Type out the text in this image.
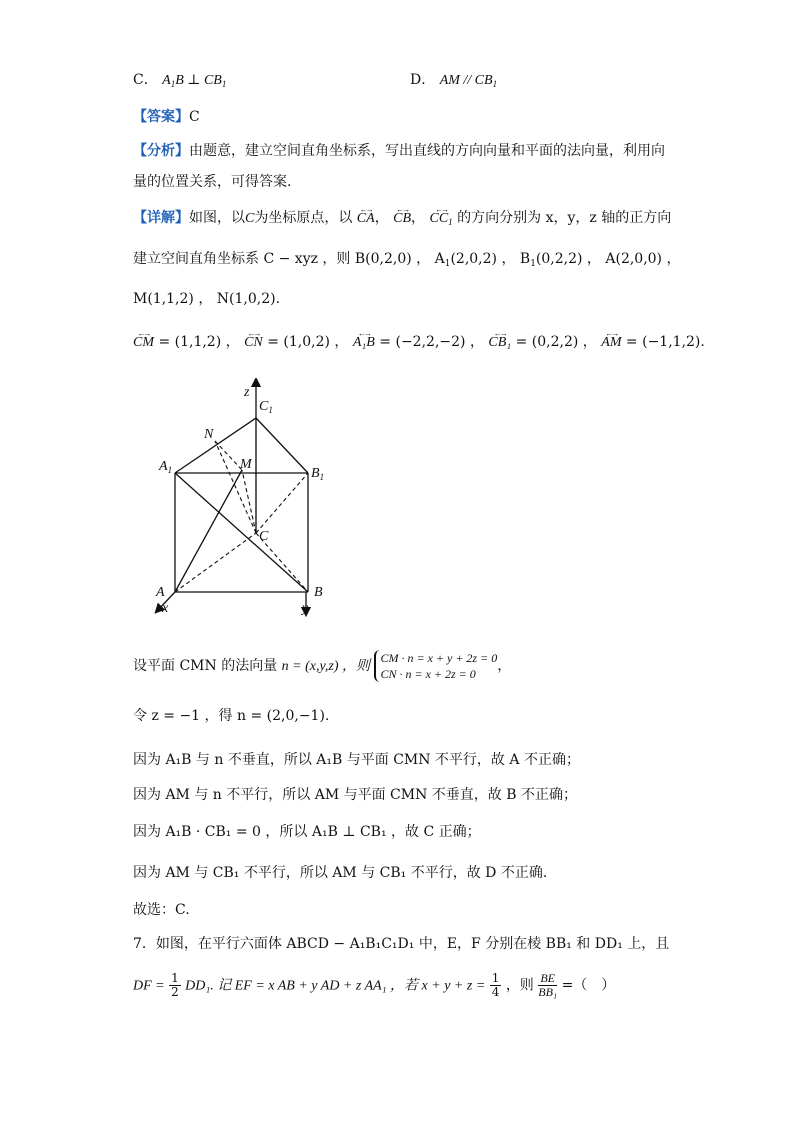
C． $A_1B$ ⊥ $CB_1$	D． AM // $CB_1$
【答案】C
【分析】由题意，建立空间直角坐标系，写出直线的方向向量和平面的法向量，利用向
量的位置关系，可得答案.
【详解】如图，以C为坐标原点，以 ←→ CA， ←→ CB， ←→ $CC_1$ 的方向分别为 x，y，z 轴的正方向
建立空间直角坐标系 C − xyz ，则 B(0,2,0) ， $A_1(2,0,2)$ ， $B_1(0,2,2)$ ， A(2,0,0) ，
M(1,1,2) ， N(1,0,2).
←→ CM = (1,1,2) ， ←→ CN = (1,0,2) ， ←→ A₁B = (−2,2,−2) ， ←→ CB₁ = (0,2,2) ， ←→ AM = (−1,1,2).
z
$C_1$
N
M
$A_1$	$B_1$
C
A	B
x	y
设平面 CMN 的法向量 n = (x,y,z) ，则
CM · n = x + y + 2z = 0
CN · n = x + 2z = 0	，
令 z = −1 ，得 n = (2,0,−1).
因为 A₁B 与 n 不垂直，所以 A₁B 与平面 CMN 不平行，故 A 不正确；
因为 AM 与 n 不平行，所以 AM 与平面 CMN 不垂直，故 B 不正确；
因为 A₁B · CB₁ = 0 ，所以 A₁B ⊥ CB₁ ，故 C 正确；
因为 AM 与 CB₁ 不平行，所以 AM 与 CB₁ 不平行，故 D 不正确.
故选：C.
7．如图，在平行六面体 ABCD − A₁B₁C₁D₁ 中，E，F 分别在棱 BB₁ 和 DD₁ 上，且
DF = $\frac{1}{2} DD_1$. 记 EF = x AB + y AD + z AA₁ ，若 $x + y + z = \frac{1}{4}$ ，则 $\frac{BE}{\text{BB₁}}$ =（　）
